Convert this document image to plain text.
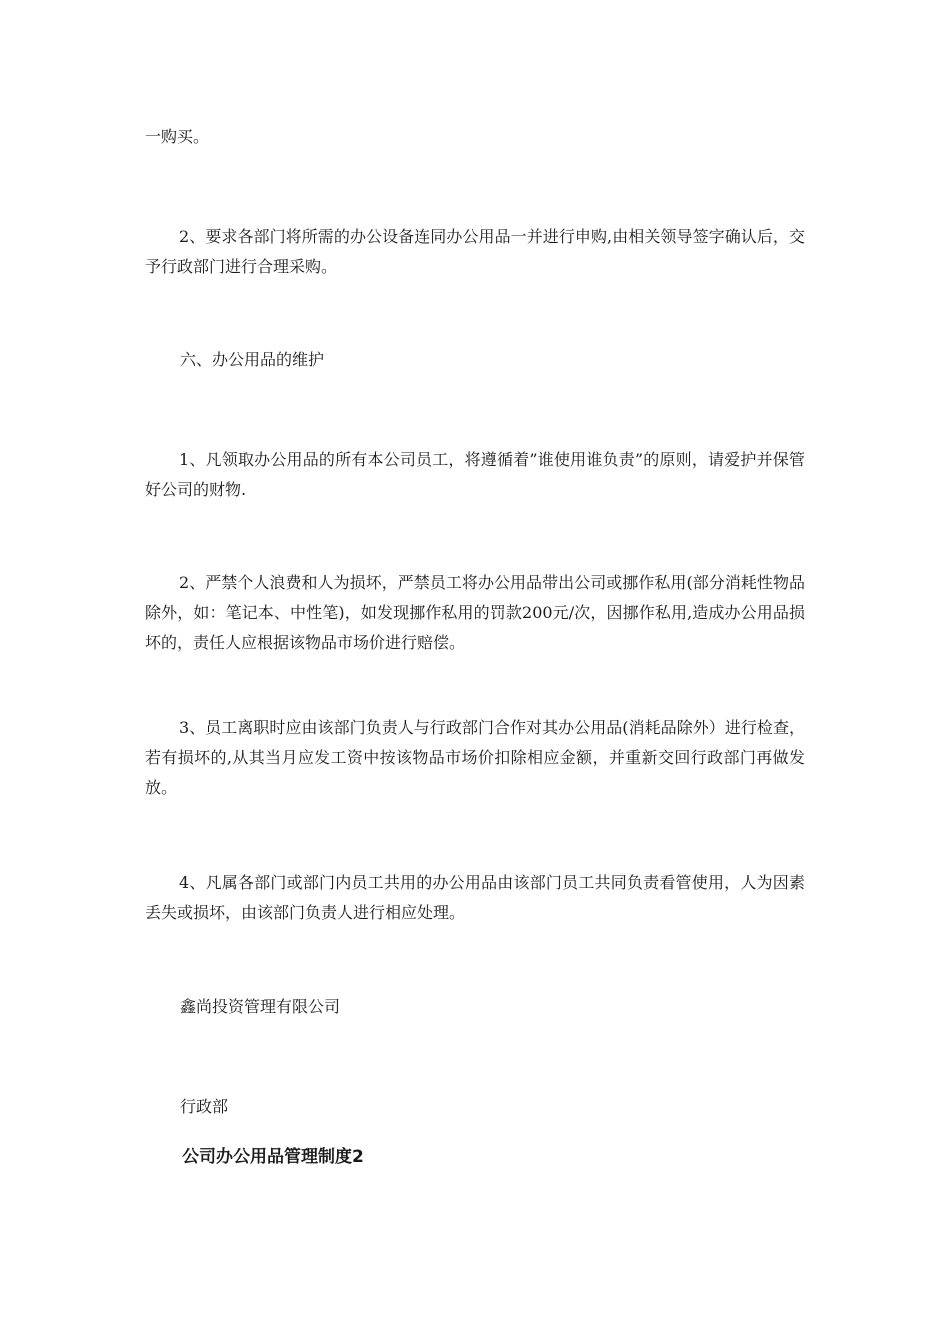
一购买。

2、要求各部门将所需的办公设备连同办公用品一并进行申购,由相关领导签字确认后，交予行政部门进行合理采购。

六、办公用品的维护

1、凡领取办公用品的所有本公司员工，将遵循着”谁使用谁负责”的原则，请爱护并保管好公司的财物.

2、严禁个人浪费和人为损坏，严禁员工将办公用品带出公司或挪作私用(部分消耗性物品除外，如：笔记本、中性笔)，如发现挪作私用的罚款200元/次，因挪作私用,造成办公用品损坏的，责任人应根据该物品市场价进行赔偿。

3、员工离职时应由该部门负责人与行政部门合作对其办公用品(消耗品除外）进行检查，若有损坏的,从其当月应发工资中按该物品市场价扣除相应金额，并重新交回行政部门再做发放。

4、凡属各部门或部门内员工共用的办公用品由该部门员工共同负责看管使用，人为因素丢失或损坏，由该部门负责人进行相应处理。

鑫尚投资管理有限公司

行政部

公司办公用品管理制度2
